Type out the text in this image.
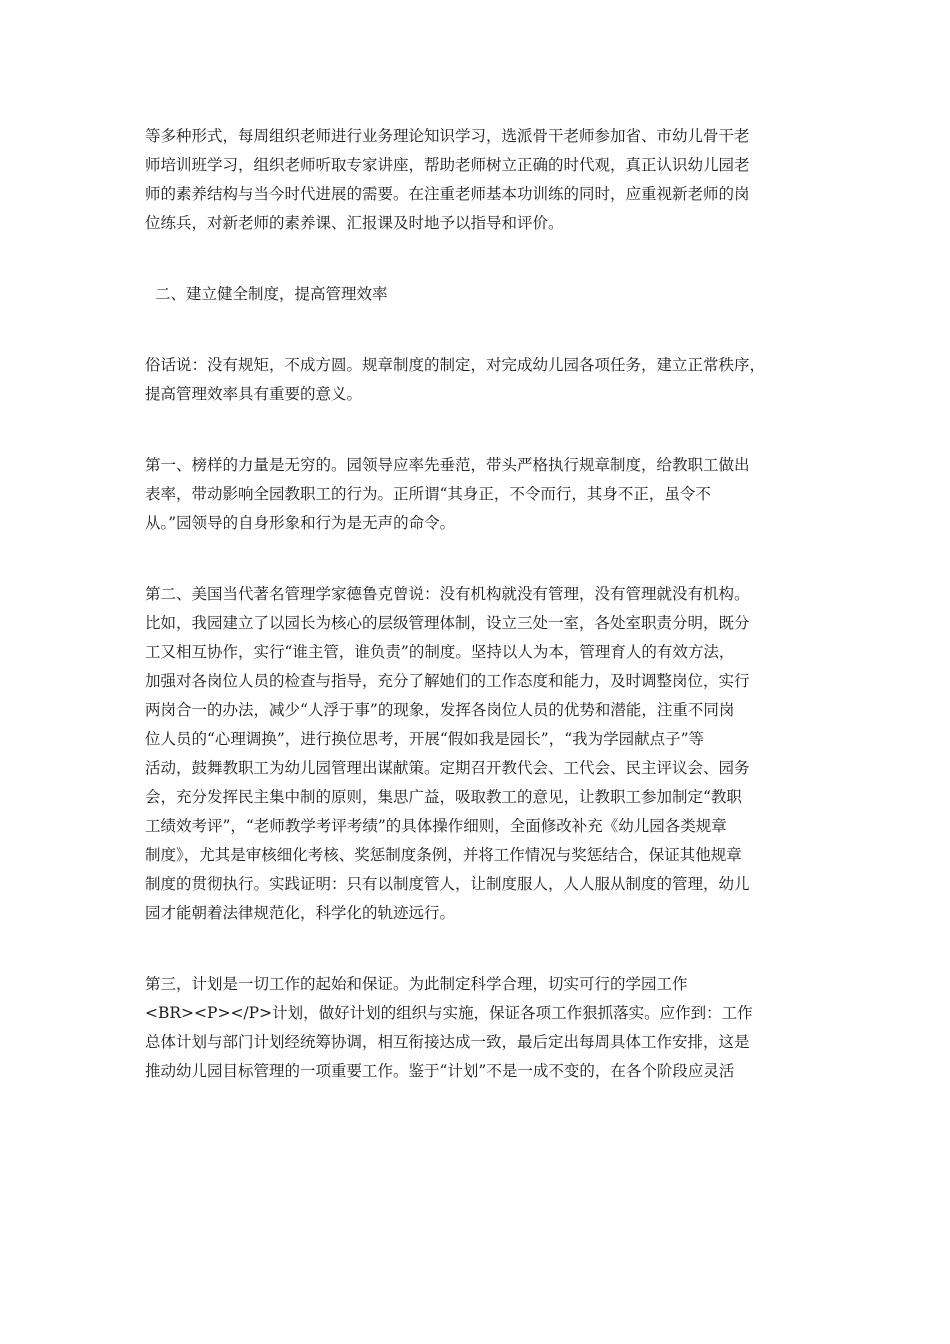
等多种形式，每周组织老师进行业务理论知识学习，选派骨干老师参加省、市幼儿骨干老
师培训班学习，组织老师听取专家讲座，帮助老师树立正确的时代观，真正认识幼儿园老
师的素养结构与当今时代进展的需要。在注重老师基本功训练的同时，应重视新老师的岗
位练兵，对新老师的素养课、汇报课及时地予以指导和评价。

二、建立健全制度，提高管理效率

俗话说：没有规矩，不成方圆。规章制度的制定，对完成幼儿园各项任务，建立正常秩序，
提高管理效率具有重要的意义。

第一、榜样的力量是无穷的。园领导应率先垂范，带头严格执行规章制度，给教职工做出
表率，带动影响全园教职工的行为。正所谓“其身正，不令而行，其身不正，虽令不
从。”园领导的自身形象和行为是无声的命令。

第二、美国当代著名管理学家德鲁克曾说：没有机构就没有管理，没有管理就没有机构。
比如，我园建立了以园长为核心的层级管理体制，设立三处一室，各处室职责分明，既分
工又相互协作，实行“谁主管，谁负责”的制度。坚持以人为本，管理育人的有效方法，
加强对各岗位人员的检查与指导，充分了解她们的工作态度和能力，及时调整岗位，实行
两岗合一的办法，减少“人浮于事”的现象，发挥各岗位人员的优势和潜能，注重不同岗
位人员的“心理调换”，进行换位思考，开展“假如我是园长”，“我为学园献点子”等
活动，鼓舞教职工为幼儿园管理出谋献策。定期召开教代会、工代会、民主评议会、园务
会，充分发挥民主集中制的原则，集思广益，吸取教工的意见，让教职工参加制定“教职
工绩效考评”，“老师教学考评考绩”的具体操作细则，全面修改补充《幼儿园各类规章
制度》，尤其是审核细化考核、奖惩制度条例，并将工作情况与奖惩结合，保证其他规章
制度的贯彻执行。实践证明：只有以制度管人，让制度服人，人人服从制度的管理，幼儿
园才能朝着法律规范化，科学化的轨迹远行。

第三，计划是一切工作的起始和保证。为此制定科学合理，切实可行的学园工作
<BR><P></P>计划，做好计划的组织与实施，保证各项工作狠抓落实。应作到：工作
总体计划与部门计划经统筹协调，相互衔接达成一致，最后定出每周具体工作安排，这是
推动幼儿园目标管理的一项重要工作。鉴于“计划”不是一成不变的，在各个阶段应灵活
